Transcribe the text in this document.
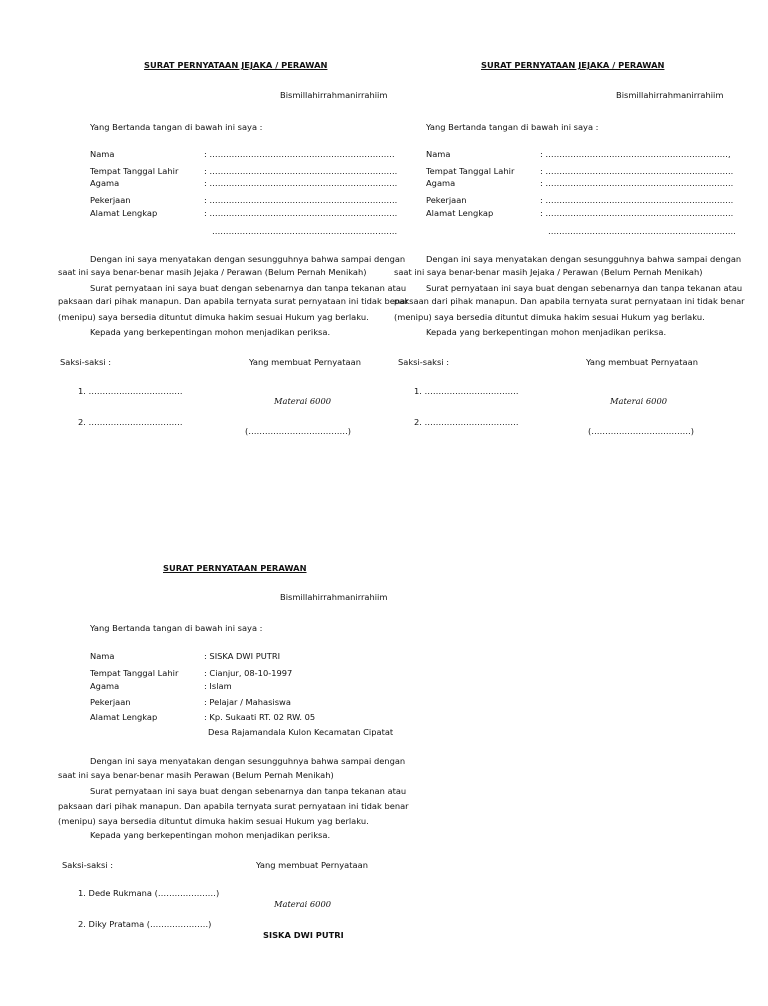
SURAT PERNYATAAN JEJAKA / PERAWAN
Bismillahirrahmanirrahiim
Yang Bertanda tangan di bawah ini saya :
Nama	: ………………………………………………………….
Tempat Tanggal Lahir	: …………………………………………………………..
Agama	: …………………………………………………………..
Pekerjaan	: …………………………………………………………..
Alamat Lengkap	: …………………………………………………………..
………………………………………………………….
Dengan ini saya menyatakan dengan sesungguhnya bahwa sampai dengan
saat ini saya benar-benar masih Jejaka / Perawan (Belum Pernah Menikah)
Surat pernyataan ini saya buat dengan sebenarnya dan tanpa tekanan atau
paksaan dari pihak manapun. Dan apabila ternyata surat pernyataan ini tidak benar
(menipu) saya bersedia dituntut dimuka hakim sesuai Hukum yag berlaku.
Kepada yang berkepentingan mohon menjadikan periksa.
Saksi-saksi :	Yang membuat Pernyataan
1. …………………………….
Materai 6000
2. …………………………….
(………………………………)
SURAT PERNYATAAN JEJAKA / PERAWAN
Bismillahirrahmanirrahiim
Yang Bertanda tangan di bawah ini saya :
Nama	: …………………………………………………………,
Tempat Tanggal Lahir	: …………………………………………………………..
Agama	: …………………………………………………………..
Pekerjaan	: …………………………………………………………..
Alamat Lengkap	: …………………………………………………………..
…………………………………………………………..
Dengan ini saya menyatakan dengan sesungguhnya bahwa sampai dengan
saat ini saya benar-benar masih Jejaka / Perawan (Belum Pernah Menikah)
Surat pernyataan ini saya buat dengan sebenarnya dan tanpa tekanan atau
paksaan dari pihak manapun. Dan apabila ternyata surat pernyataan ini tidak benar
(menipu) saya bersedia dituntut dimuka hakim sesuai Hukum yag berlaku.
Kepada yang berkepentingan mohon menjadikan periksa.
Saksi-saksi :	Yang membuat Pernyataan
1. …………………………….
Materai 6000
2. …………………………….
(………………………………)
SURAT PERNYATAAN PERAWAN
Bismillahirrahmanirrahiim
Yang Bertanda tangan di bawah ini saya :
Nama	: SISKA DWI PUTRI
Tempat Tanggal Lahir	: Cianjur, 08-10-1997
Agama	: Islam
Pekerjaan	: Pelajar / Mahasiswa
Alamat Lengkap	: Kp. Sukaati RT. 02 RW. 05
Desa Rajamandala Kulon Kecamatan Cipatat
Dengan ini saya menyatakan dengan sesungguhnya bahwa sampai dengan
saat ini saya benar-benar masih Perawan (Belum Pernah Menikah)
Surat pernyataan ini saya buat dengan sebenarnya dan tanpa tekanan atau
paksaan dari pihak manapun. Dan apabila ternyata surat pernyataan ini tidak benar
(menipu) saya bersedia dituntut dimuka hakim sesuai Hukum yag berlaku.
Kepada yang berkepentingan mohon menjadikan periksa.
Saksi-saksi :	Yang membuat Pernyataan
1. Dede Rukmana (…………………)
Materai 6000
2. Diky Pratama (…………………)
SISKA DWI PUTRI
